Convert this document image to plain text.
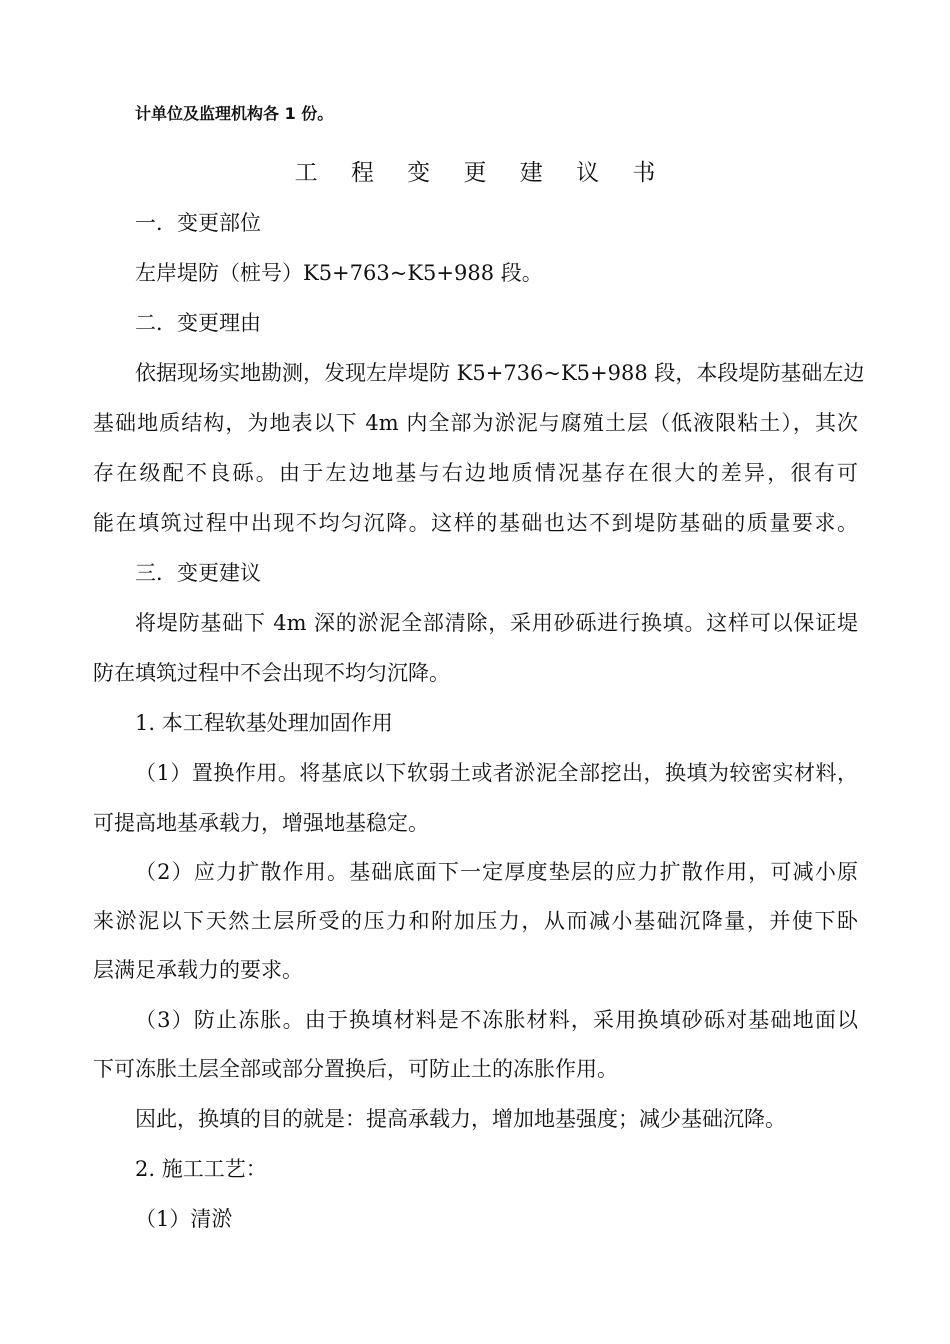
计单位及监理机构各 1 份。
工 程 变 更 建 议 书
一．变更部位
左岸堤防（桩号）K5+763~K5+988 段。
二．变更理由
依据现场实地勘测，发现左岸堤防 K5+736~K5+988 段，本段堤防基础左边
基础地质结构，为地表以下 4m 内全部为淤泥与腐殖土层（低液限粘土），其次
存在级配不良砾。由于左边地基与右边地质情况基存在很大的差异，很有可
能在填筑过程中出现不均匀沉降。这样的基础也达不到堤防基础的质量要求。
三．变更建议
将堤防基础下 4m 深的淤泥全部清除，采用砂砾进行换填。这样可以保证堤
防在填筑过程中不会出现不均匀沉降。
1. 本工程软基处理加固作用
（1）置换作用。将基底以下软弱土或者淤泥全部挖出，换填为较密实材料，
可提高地基承载力，增强地基稳定。
（2）应力扩散作用。基础底面下一定厚度垫层的应力扩散作用，可减小原
来淤泥以下天然土层所受的压力和附加压力，从而减小基础沉降量，并使下卧
层满足承载力的要求。
（3）防止冻胀。由于换填材料是不冻胀材料，采用换填砂砾对基础地面以
下可冻胀土层全部或部分置换后，可防止土的冻胀作用。
因此，换填的目的就是：提高承载力，增加地基强度；减少基础沉降。
2. 施工工艺：
（1）清淤
